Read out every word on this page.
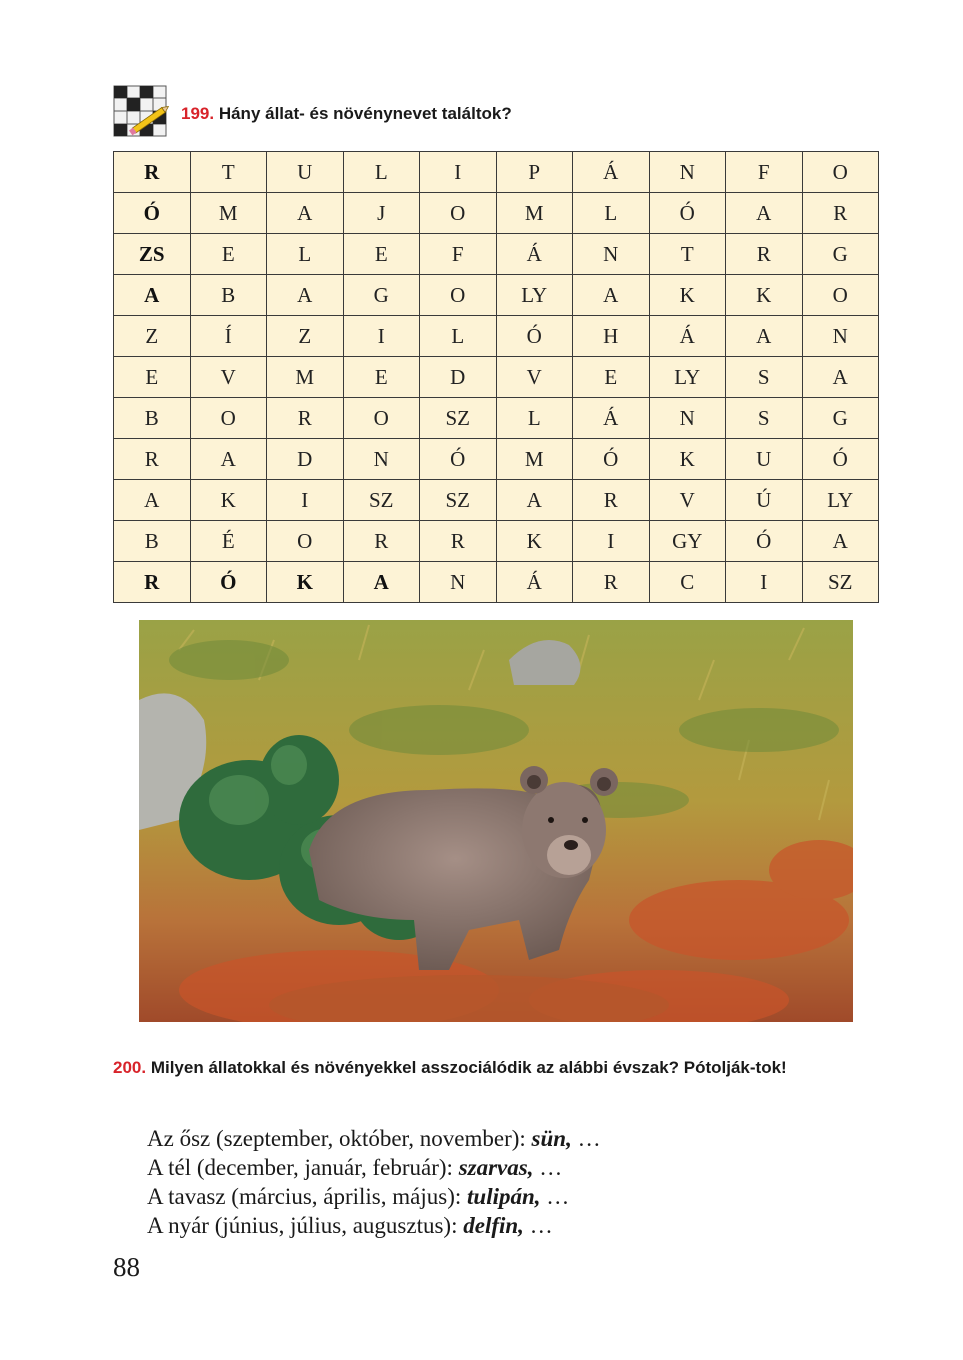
199. Hány állat- és növénynevet találtok?
R	T	U	L	I	P	Á	N	F	O
Ó	M	A	J	O	M	L	Ó	A	R
ZS	E	L	E	F	Á	N	T	R	G
A	B	A	G	O	LY	A	K	K	O
Z	Í	Z	I	L	Ó	H	Á	A	N
E	V	M	E	D	V	E	LY	S	A
B	O	R	O	SZ	L	Á	N	S	G
R	A	D	N	Ó	M	Ó	K	U	Ó
A	K	I	SZ	SZ	A	R	V	Ú	LY
B	É	O	R	R	K	I	GY	Ó	A
R	Ó	K	A	N	Á	R	C	I	SZ
200. Milyen állatokkal és növényekkel asszociálódik az alábbi évszak? Pótolják-tok!
Az ősz (szeptember, október, november): sün, …
A tél (december, január, február): szarvas, …
A tavasz (március, április, május): tulipán, …
A nyár (június, július, augusztus): delfin, …
88
